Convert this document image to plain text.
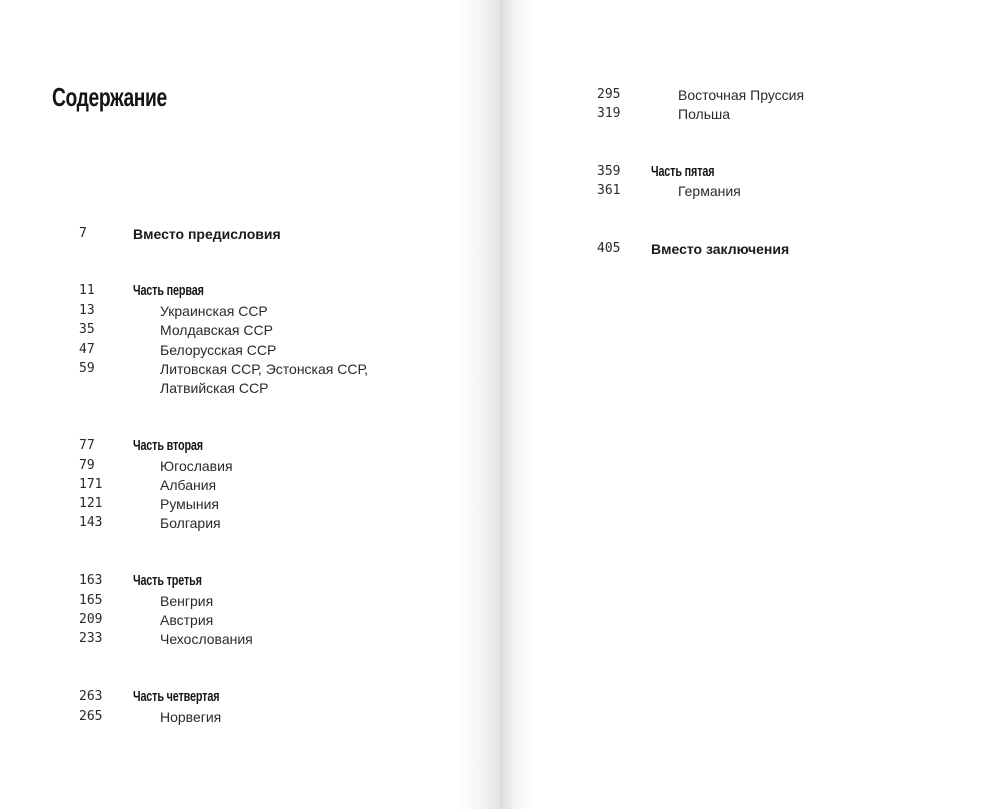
Содержание
7	Вместо предисловия
11	Часть первая
13	Украинская ССР
35	Молдавская ССР
47	Белорусская ССР
59	Литовская ССР, Эстонская ССР,
Латвийская ССР
77	Часть вторая
79	Югославия
171	Албания
121	Румыния
143	Болгария
163 Часть третья
165	Венгрия
209	Австрия
233	Чехослования
263 Часть четвертая
265	Норвегия
295	Восточная Пруссия
319	Польша
359 Часть пятая
361	Германия
405 Вместо заключения
